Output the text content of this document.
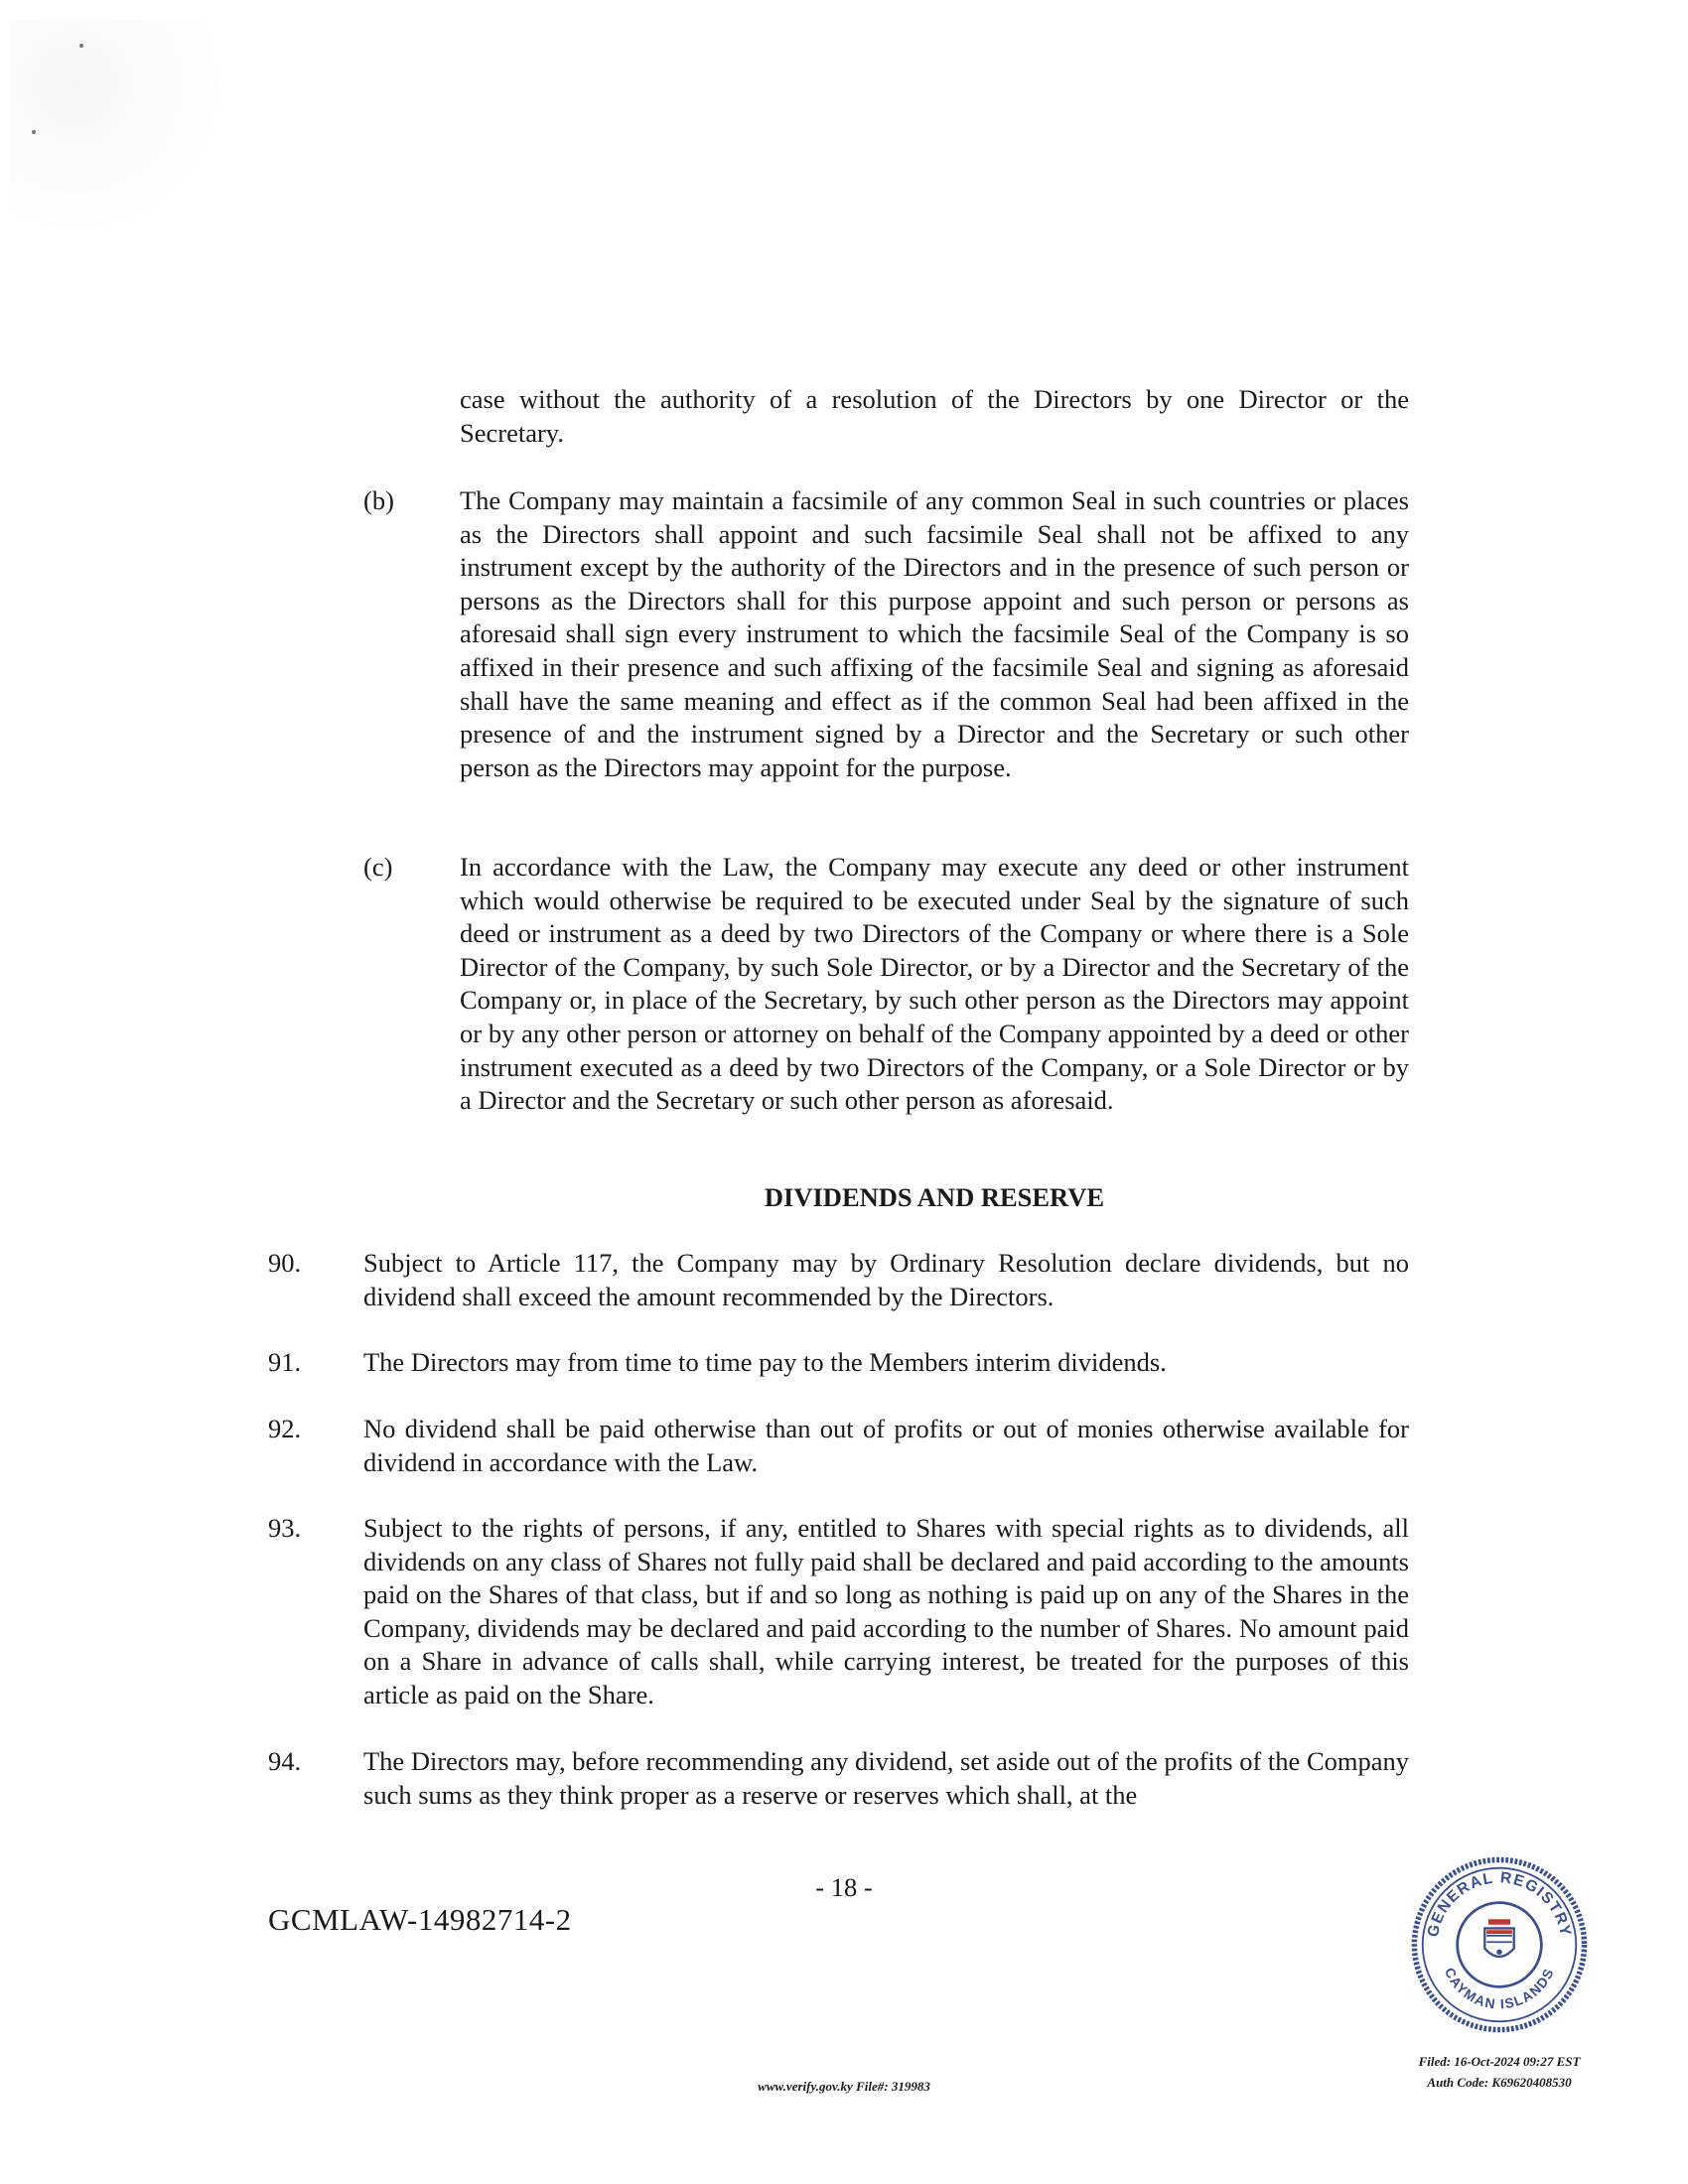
case without the authority of a resolution of the Directors by one Director or the Secretary.

(b) The Company may maintain a facsimile of any common Seal in such countries or places as the Directors shall appoint and such facsimile Seal shall not be affixed to any instrument except by the authority of the Directors and in the presence of such person or persons as the Directors shall for this purpose appoint and such person or persons as aforesaid shall sign every instrument to which the facsimile Seal of the Company is so affixed in their presence and such affixing of the facsimile Seal and signing as aforesaid shall have the same meaning and effect as if the common Seal had been affixed in the presence of and the instrument signed by a Director and the Secretary or such other person as the Directors may appoint for the purpose.

(c)	In accordance with the Law, the Company may execute any deed or other instrument which would otherwise be required to be executed under Seal by the signature of such deed or instrument as a deed by two Directors of the Company or where there is a Sole Director of the Company, by such Sole Director, or by a Director and the Secretary of the Company or, in place of the Secretary, by such other person as the Directors may appoint or by any other person or attorney on behalf of the Company appointed by a deed or other instrument executed as a deed by two Directors of the Company, or a Sole Director or by a Director and the Secretary or such other person as aforesaid.

DIVIDENDS AND RESERVE
90. Subject to Article 117, the Company may by Ordinary Resolution declare dividends, but no dividend shall exceed the amount recommended by the Directors.

91. The Directors may from time to time pay to the Members interim dividends.

92. No dividend shall be paid otherwise than out of profits or out of monies otherwise available for dividend in accordance with the Law.

93. Subject to the rights of persons, if any, entitled to Shares with special rights as to dividends, all dividends on any class of Shares not fully paid shall be declared and paid according to the amounts paid on the Shares of that class, but if and so long as nothing is paid up on any of the Shares in the Company, dividends may be declared and paid according to the number of Shares. No amount paid on a Share in advance of calls shall, while carrying interest, be treated for the purposes of this article as paid on the Share.

94. The Directors may, before recommending any dividend, set aside out of the profits of the Company such sums as they think proper as a reserve or reserves which shall, at the

- 18 -
GCMLAW-14982714-2	GENERAL REGISTRY
CAYMAN ISLANDS
www.verify.gov.ky File#: 319983
Filed: 16-Oct-2024 09:27 EST
Auth Code: K69620408530
